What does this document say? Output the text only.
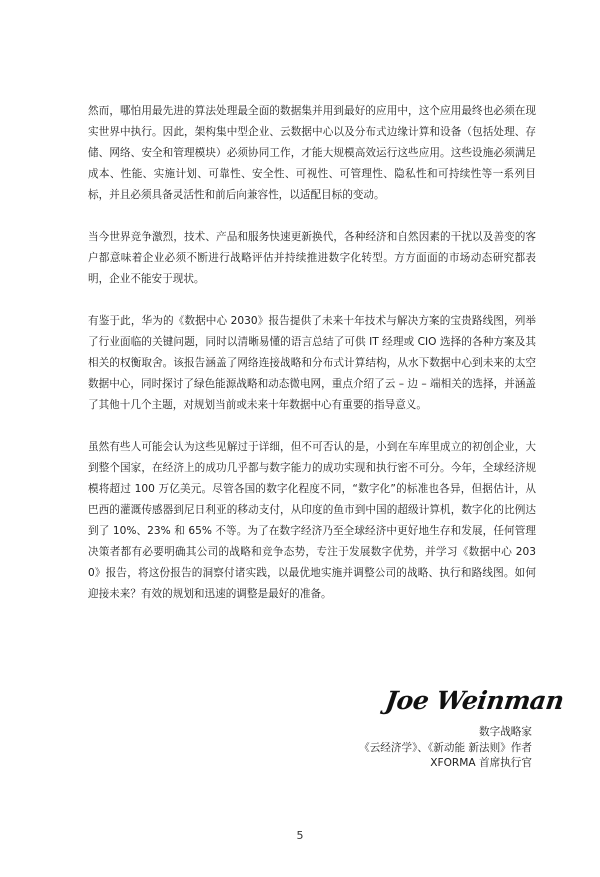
然而，哪怕用最先进的算法处理最全面的数据集并用到最好的应用中，这个应用最终也必须在现实世界中执行。因此，架构集中型企业、云数据中心以及分布式边缘计算和设备（包括处理、存储、网络、安全和管理模块）必须协同工作，才能大规模高效运行这些应用。这些设施必须满足成本、性能、实施计划、可靠性、安全性、可视性、可管理性、隐私性和可持续性等一系列目标，并且必须具备灵活性和前后向兼容性，以适配目标的变动。

当今世界竞争激烈，技术、产品和服务快速更新换代，各种经济和自然因素的干扰以及善变的客户都意味着企业必须不断进行战略评估并持续推进数字化转型。方方面面的市场动态研究都表明，企业不能安于现状。

有鉴于此，华为的《数据中心 2030》报告提供了未来十年技术与解决方案的宝贵路线图，列举了行业面临的关键问题，同时以清晰易懂的语言总结了可供 IT 经理或 CIO 选择的各种方案及其相关的权衡取舍。该报告涵盖了网络连接战略和分布式计算结构，从水下数据中心到未来的太空数据中心，同时探讨了绿色能源战略和动态微电网，重点介绍了云 – 边 – 端相关的选择，并涵盖了其他十几个主题，对规划当前或未来十年数据中心有重要的指导意义。

虽然有些人可能会认为这些见解过于详细，但不可否认的是，小到在车库里成立的初创企业，大到整个国家，在经济上的成功几乎都与数字能力的成功实现和执行密不可分。今年，全球经济规模将超过 100 万亿美元。尽管各国的数字化程度不同，“数字化”的标准也各异，但据估计，从巴西的灌溉传感器到尼日利亚的移动支付，从印度的鱼市到中国的超级计算机，数字化的比例达到了 10%、23% 和 65% 不等。为了在数字经济乃至全球经济中更好地生存和发展，任何管理决策者都有必要明确其公司的战略和竞争态势，专注于发展数字优势，并学习《数据中心 2030》报告，将这份报告的洞察付诸实践，以最优地实施并调整公司的战略、执行和路线图。如何迎接未来？有效的规划和迅速的调整是最好的准备。

Joe Weinman
数字战略家
《云经济学》、《新动能 新法则》作者
XFORMA 首席执行官
5
